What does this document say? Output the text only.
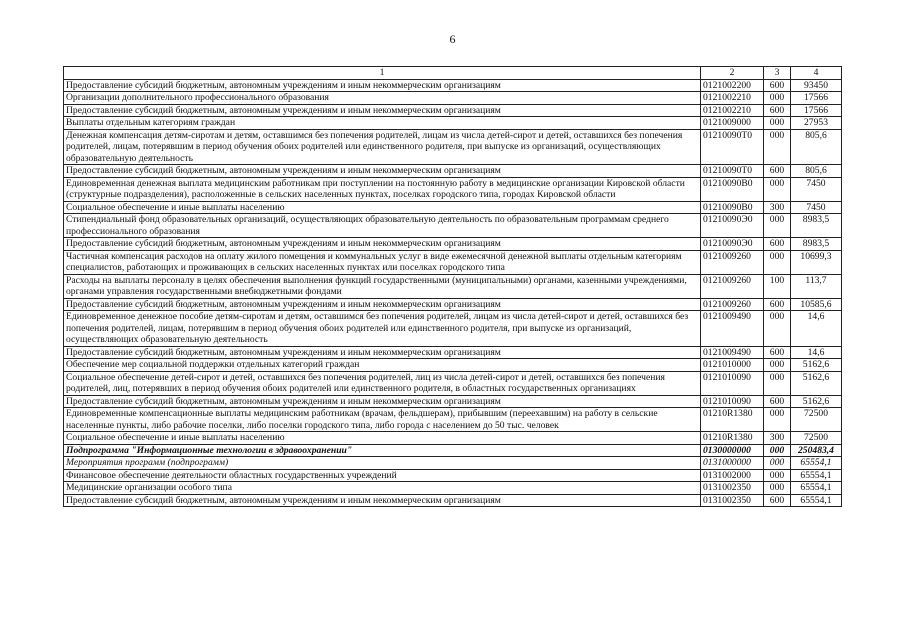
6
1	2	3	4
Предоставление субсидий бюджетным, автономным учреждениям и иным некоммерческим организациям	0121002200	600	93450
Организации дополнительного профессионального образования	0121002210	000	17566
Предоставление субсидий бюджетным, автономным учреждениям и иным некоммерческим организациям	0121002210	600	17566
Выплаты отдельным категориям граждан	0121009000	000	27953
Денежная компенсация детям-сиротам и детям, оставшимся без попечения родителей, лицам из числа детей-сирот и детей, оставшихся без попечения родителей, лицам, потерявшим в период обучения обоих родителей или единственного родителя, при выпуске из организаций, осуществляющих образовательную деятельность	01210090Т0	000	805,6
Предоставление субсидий бюджетным, автономным учреждениям и иным некоммерческим организациям	01210090Т0	600	805,6
Единовременная денежная выплата медицинским работникам при поступлении на постоянную работу в медицинские организации Кировской области (структурные подразделения), расположенные в сельских населенных пунктах, поселках городского типа, городах Кировской области	01210090В0	000	7450
Социальное обеспечение и иные выплаты населению	01210090В0	300	7450
Стипендиальный фонд образовательных организаций, осуществляющих образовательную деятельность по образовательным программам среднего профессионального образования	01210090Э0	000	8983,5
Предоставление субсидий бюджетным, автономным учреждениям и иным некоммерческим организациям	01210090Э0	600	8983,5
Частичная компенсация расходов на оплату жилого помещения и коммунальных услуг в виде ежемесячной денежной выплаты отдельным категориям специалистов, работающих и проживающих в сельских населенных пунктах или поселках городского типа	0121009260	000	10699,3
Расходы на выплаты персоналу в целях обеспечения выполнения функций государственными (муниципальными) органами, казенными учреждениями, органами управления государственными внебюджетными фондами	0121009260	100	113,7
Предоставление субсидий бюджетным, автономным учреждениям и иным некоммерческим организациям	0121009260	600	10585,6
Единовременное денежное пособие детям-сиротам и детям, оставшимся без попечения родителей, лицам из числа детей-сирот и детей, оставшихся без попечения родителей, лицам, потерявшим в период обучения обоих родителей или единственного родителя, при выпуске из организаций, осуществляющих образовательную деятельность	0121009490	000	14,6
Предоставление субсидий бюджетным, автономным учреждениям и иным некоммерческим организациям	0121009490	600	14,6
Обеспечение мер социальной поддержки отдельных категорий граждан	0121010000	000	5162,6
Социальное обеспечение детей-сирот и детей, оставшихся без попечения родителей, лиц из числа детей-сирот и детей, оставшихся без попечения родителей, лиц, потерявших в период обучения обоих родителей или единственного родителя, в областных государственных организациях	0121010090	000	5162,6
Предоставление субсидий бюджетным, автономным учреждениям и иным некоммерческим организациям	0121010090	600	5162,6
Единовременные компенсационные выплаты медицинским работникам (врачам, фельдшерам), прибывшим (переехавшим) на работу в сельские населенные пункты, либо рабочие поселки, либо поселки городского типа, либо города с населением до 50 тыс. человек	01210R1380	000	72500
Социальное обеспечение и иные выплаты населению	01210R1380	300	72500
Подпрограмма "Информационные технологии в здравоохранении"	0130000000	000	250483,4
Мероприятия программ (подпрограмм)	0131000000	000	65554,1
Финансовое обеспечение деятельности областных государственных учреждений	0131002000	000	65554,1
Медицинские организации особого типа	0131002350	000	65554,1
Предоставление субсидий бюджетным, автономным учреждениям и иным некоммерческим организациям	0131002350	600	65554,1
